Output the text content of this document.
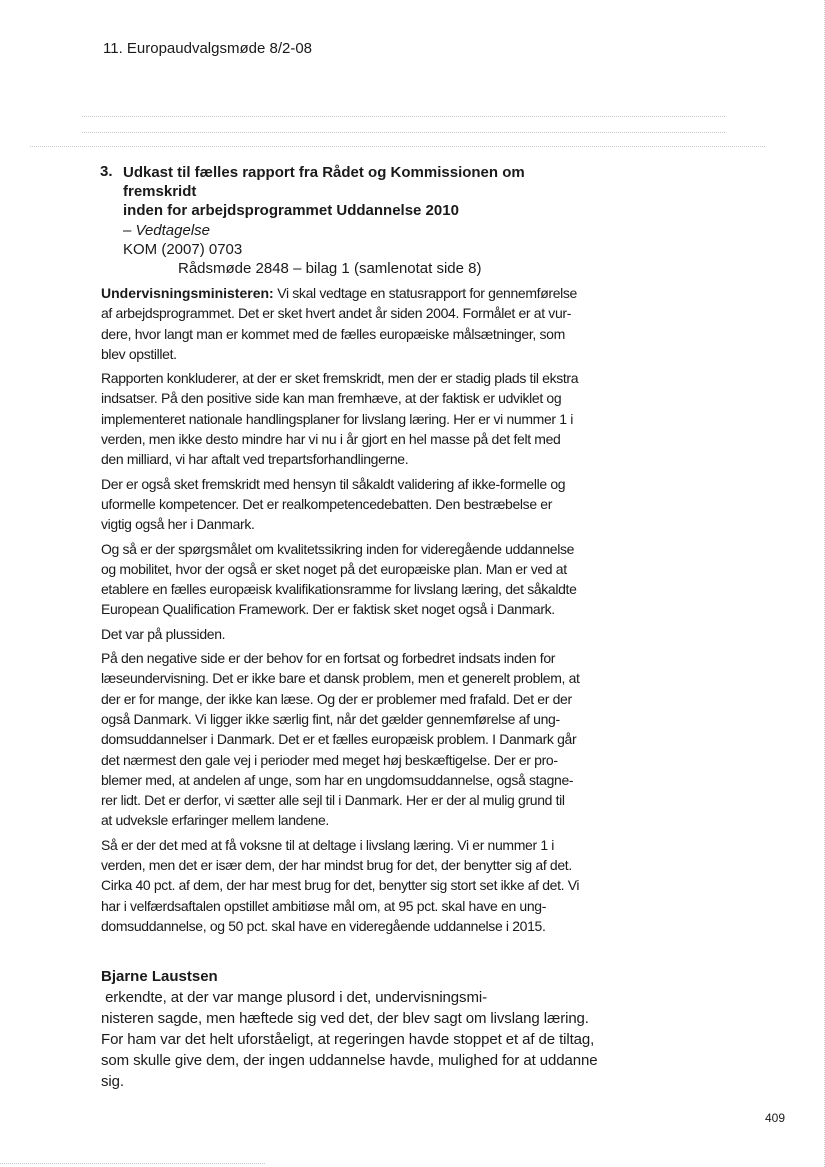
11. Europaudvalgsmøde 8/2-08
3. Udkast til fælles rapport fra Rådet og Kommissionen om fremskridt
inden for arbejdsprogrammet Uddannelse 2010
– Vedtagelse
KOM (2007) 0703
Rådsmøde 2848 – bilag 1 (samlenotat side 8)

Undervisningsministeren: Vi skal vedtage en statusrapport for gennemførelse
af arbejdsprogrammet. Det er sket hvert andet år siden 2004. Formålet er at vur-
dere, hvor langt man er kommet med de fælles europæiske målsætninger, som
blev opstillet.

Rapporten konkluderer, at der er sket fremskridt, men der er stadig plads til ekstra
indsatser. På den positive side kan man fremhæve, at der faktisk er udviklet og
implementeret nationale handlingsplaner for livslang læring. Her er vi nummer 1 i
verden, men ikke desto mindre har vi nu i år gjort en hel masse på det felt med
den milliard, vi har aftalt ved trepartsforhandlingerne.

Der er også sket fremskridt med hensyn til såkaldt validering af ikke-formelle og
uformelle kompetencer. Det er realkompetencedebatten. Den bestræbelse er
vigtig også her i Danmark.

Og så er der spørgsmålet om kvalitetssikring inden for videregående uddannelse
og mobilitet, hvor der også er sket noget på det europæiske plan. Man er ved at
etablere en fælles europæisk kvalifikationsramme for livslang læring, det såkaldte
European Qualification Framework. Der er faktisk sket noget også i Danmark.

Det var på plussiden.

På den negative side er der behov for en fortsat og forbedret indsats inden for
læseundervisning. Det er ikke bare et dansk problem, men et generelt problem, at
der er for mange, der ikke kan læse. Og der er problemer med frafald. Det er der
også Danmark. Vi ligger ikke særlig fint, når det gælder gennemførelse af ung-
domsuddannelser i Danmark. Det er et fælles europæisk problem. I Danmark går
det nærmest den gale vej i perioder med meget høj beskæftigelse. Der er pro-
blemer med, at andelen af unge, som har en ungdomsuddannelse, også stagne-
rer lidt. Det er derfor, vi sætter alle sejl til i Danmark. Her er der al mulig grund til
at udveksle erfaringer mellem landene.

Så er der det med at få voksne til at deltage i livslang læring. Vi er nummer 1 i
verden, men det er især dem, der har mindst brug for det, der benytter sig af det.
Cirka 40 pct. af dem, der har mest brug for det, benytter sig stort set ikke af det. Vi
har i velfærdsaftalen opstillet ambitiøse mål om, at 95 pct. skal have en ung-
domsuddannelse, og 50 pct. skal have en videregående uddannelse i 2015.

Bjarne Laustsen erkendte, at der var mange plusord i det, undervisningsmi-
nisteren sagde, men hæftede sig ved det, der blev sagt om livslang læring.
For ham var det helt uforståeligt, at regeringen havde stoppet et af de tiltag,
som skulle give dem, der ingen uddannelse havde, mulighed for at uddanne
sig.

409
